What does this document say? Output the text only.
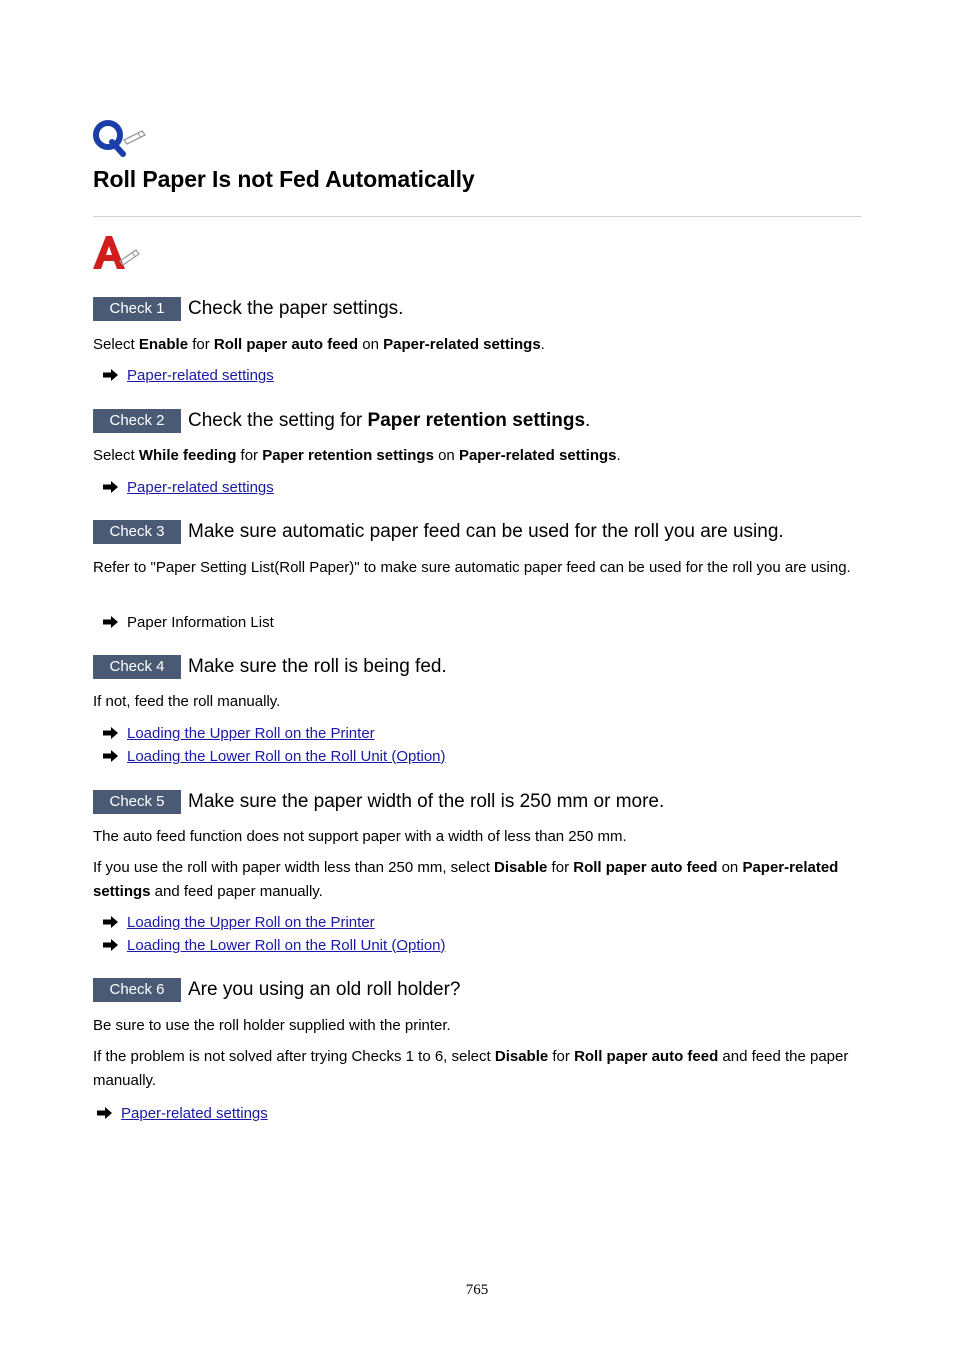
Roll Paper Is not Fed Automatically
Check 1	Check the paper settings.

Select Enable for Roll paper auto feed on Paper-related settings.

Paper-related settings
Check 2	Check the setting for Paper retention settings.

Select While feeding for Paper retention settings on Paper-related settings.

Paper-related settings
Check 3	Make sure automatic paper feed can be used for the roll you are using.

Refer to "Paper Setting List(Roll Paper)" to make sure automatic paper feed can be used for the roll you are using.

Paper Information List
Check 4	Make sure the roll is being fed.

If not, feed the roll manually.

Loading the Upper Roll on the Printer
Loading the Lower Roll on the Roll Unit (Option)
Check 5	Make sure the paper width of the roll is 250 mm or more.

The auto feed function does not support paper with a width of less than 250 mm.

If you use the roll with paper width less than 250 mm, select Disable for Roll paper auto feed on Paper-related settings and feed paper manually.

Loading the Upper Roll on the Printer
Loading the Lower Roll on the Roll Unit (Option)
Check 6	Are you using an old roll holder?

Be sure to use the roll holder supplied with the printer.

If the problem is not solved after trying Checks 1 to 6, select Disable for Roll paper auto feed and feed the paper manually.

Paper-related settings
765
